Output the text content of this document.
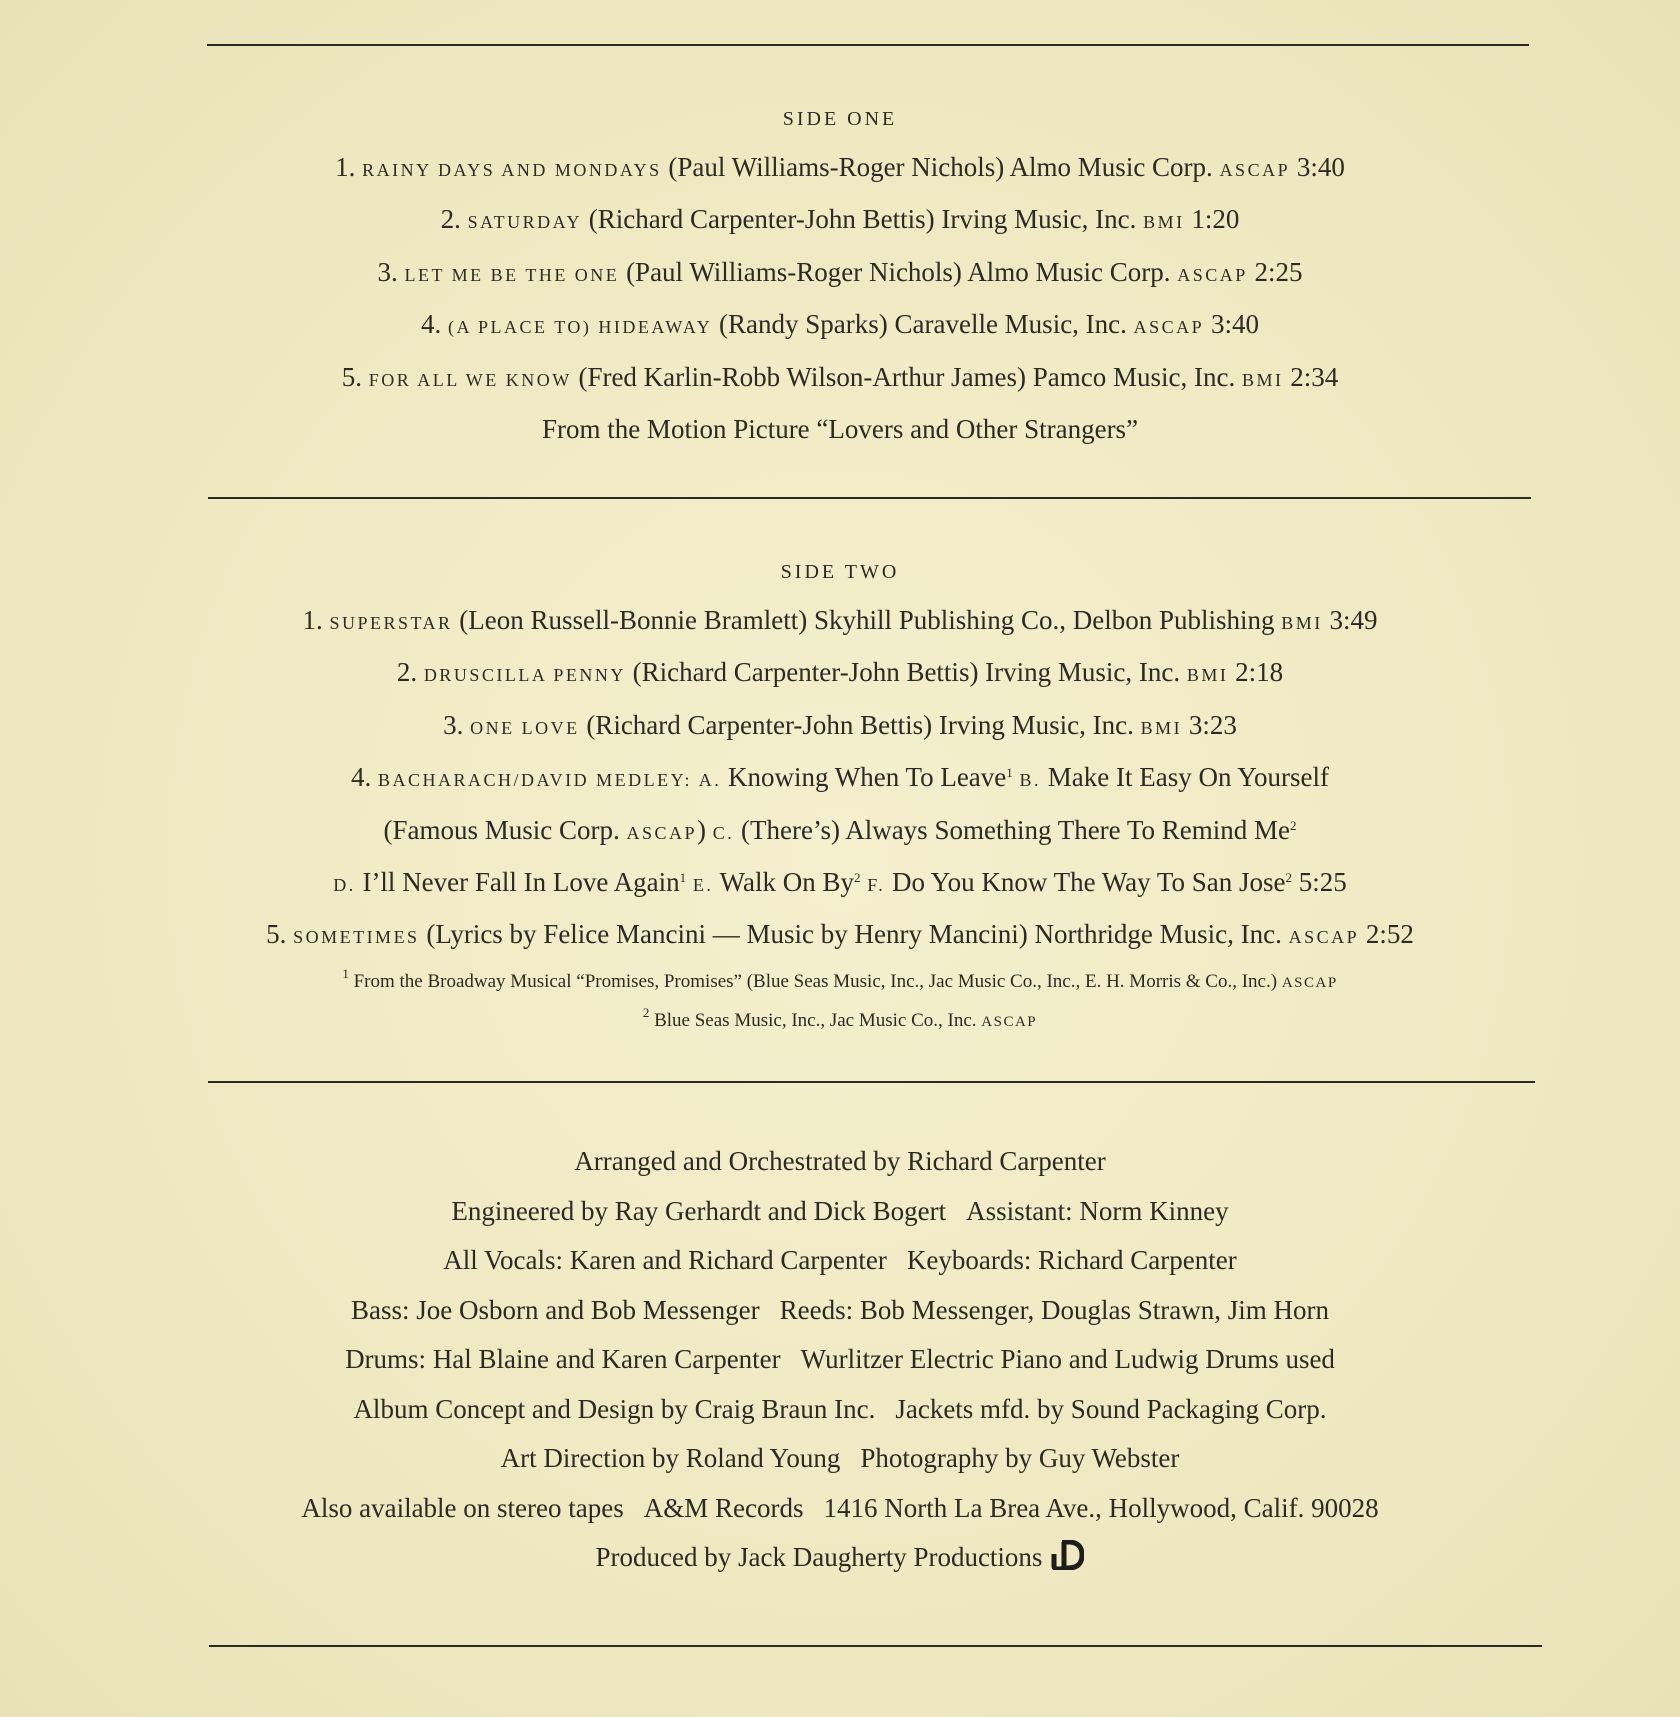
SIDE ONE

1. RAINY DAYS AND MONDAYS (Paul Williams-Roger Nichols) Almo Music Corp. ASCAP 3:40

2. SATURDAY (Richard Carpenter-John Bettis) Irving Music, Inc. BMI 1:20

3. LET ME BE THE ONE (Paul Williams-Roger Nichols) Almo Music Corp. ASCAP 2:25

4. (A PLACE TO) HIDEAWAY (Randy Sparks) Caravelle Music, Inc. ASCAP 3:40

5. FOR ALL WE KNOW (Fred Karlin-Robb Wilson-Arthur James) Pamco Music, Inc. BMI 2:34

From the Motion Picture “Lovers and Other Strangers”

SIDE TWO

1. SUPERSTAR (Leon Russell-Bonnie Bramlett) Skyhill Publishing Co., Delbon Publishing BMI 3:49

2. DRUSCILLA PENNY (Richard Carpenter-John Bettis) Irving Music, Inc. BMI 2:18

3. ONE LOVE (Richard Carpenter-John Bettis) Irving Music, Inc. BMI 3:23

4. BACHARACH/DAVID MEDLEY: A. Knowing When To Leave$^1$ B. Make It Easy On Yourself

(Famous Music Corp. ASCAP) C. (There’s) Always Something There To Remind Me$^2$

D. I’ll Never Fall In Love Again$^1$ E. Walk On By$^2$ F. Do You Know The Way To San Jose$^2$ 5:25

5. SOMETIMES (Lyrics by Felice Mancini — Music by Henry Mancini) Northridge Music, Inc. ASCAP 2:52

$^1$ From the Broadway Musical “Promises, Promises” (Blue Seas Music, Inc., Jac Music Co., Inc., E. H. Morris & Co., Inc.) ASCAP

$^2$ Blue Seas Music, Inc., Jac Music Co., Inc. ASCAP

Arranged and Orchestrated by Richard Carpenter

Engineered by Ray Gerhardt and Dick Bogert Assistant: Norm Kinney

All Vocals: Karen and Richard Carpenter Keyboards: Richard Carpenter

Bass: Joe Osborn and Bob Messenger Reeds: Bob Messenger, Douglas Strawn, Jim Horn

Drums: Hal Blaine and Karen Carpenter Wurlitzer Electric Piano and Ludwig Drums used

Album Concept and Design by Craig Braun Inc. Jackets mfd. by Sound Packaging Corp.

Art Direction by Roland Young Photography by Guy Webster

Also available on stereo tapes A&M Records 1416 North La Brea Ave., Hollywood, Calif. 90028

Produced by Jack Daugherty Productions
